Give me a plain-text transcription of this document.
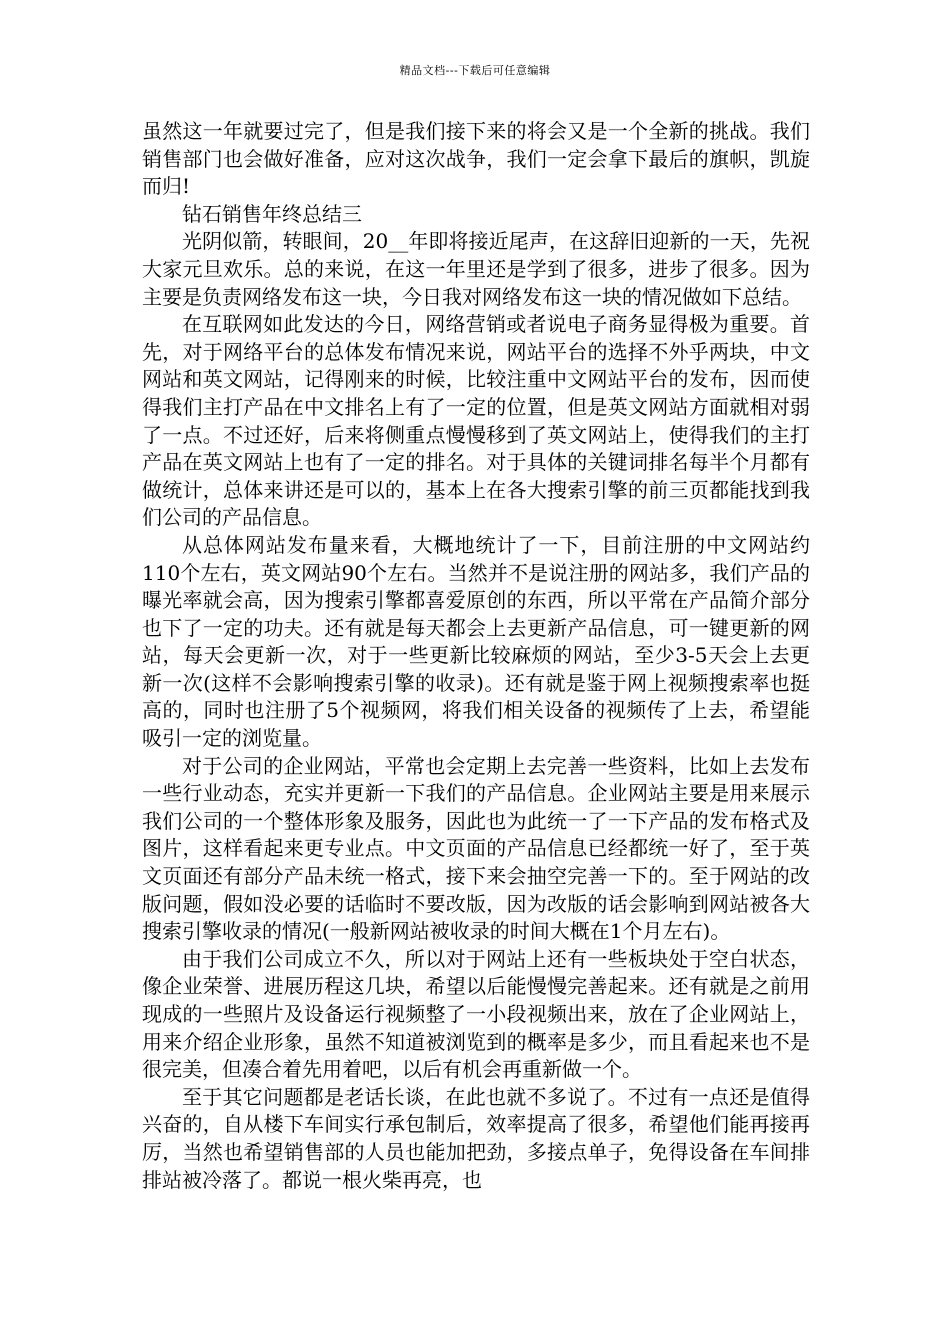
精品文档---下载后可任意编辑

虽然这一年就要过完了，但是我们接下来的将会又是一个全新的挑战。我们销售部门也会做好准备，应对这次战争，我们一定会拿下最后的旗帜，凯旋而归!

钻石销售年终总结三

光阴似箭，转眼间，20__年即将接近尾声，在这辞旧迎新的一天，先祝大家元旦欢乐。总的来说，在这一年里还是学到了很多，进步了很多。因为主要是负责网络发布这一块，今日我对网络发布这一块的情况做如下总结。

在互联网如此发达的今日，网络营销或者说电子商务显得极为重要。首先，对于网络平台的总体发布情况来说，网站平台的选择不外乎两块，中文网站和英文网站，记得刚来的时候，比较注重中文网站平台的发布，因而使得我们主打产品在中文排名上有了一定的位置，但是英文网站方面就相对弱了一点。不过还好，后来将侧重点慢慢移到了英文网站上，使得我们的主打产品在英文网站上也有了一定的排名。对于具体的关键词排名每半个月都有做统计，总体来讲还是可以的，基本上在各大搜索引擎的前三页都能找到我们公司的产品信息。

从总体网站发布量来看，大概地统计了一下，目前注册的中文网站约110个左右，英文网站90个左右。当然并不是说注册的网站多，我们产品的曝光率就会高，因为搜索引擎都喜爱原创的东西，所以平常在产品简介部分也下了一定的功夫。还有就是每天都会上去更新产品信息，可一键更新的网站，每天会更新一次，对于一些更新比较麻烦的网站，至少3-5天会上去更新一次(这样不会影响搜索引擎的收录)。还有就是鉴于网上视频搜索率也挺高的，同时也注册了5个视频网，将我们相关设备的视频传了上去，希望能吸引一定的浏览量。

对于公司的企业网站，平常也会定期上去完善一些资料，比如上去发布一些行业动态，充实并更新一下我们的产品信息。企业网站主要是用来展示我们公司的一个整体形象及服务，因此也为此统一了一下产品的发布格式及图片，这样看起来更专业点。中文页面的产品信息已经都统一好了，至于英文页面还有部分产品未统一格式，接下来会抽空完善一下的。至于网站的改版问题，假如没必要的话临时不要改版，因为改版的话会影响到网站被各大搜索引擎收录的情况(一般新网站被收录的时间大概在1个月左右)。

由于我们公司成立不久，所以对于网站上还有一些板块处于空白状态，像企业荣誉、进展历程这几块，希望以后能慢慢完善起来。还有就是之前用现成的一些照片及设备运行视频整了一小段视频出来，放在了企业网站上，用来介绍企业形象，虽然不知道被浏览到的概率是多少，而且看起来也不是很完美，但凑合着先用着吧，以后有机会再重新做一个。

至于其它问题都是老话长谈，在此也就不多说了。不过有一点还是值得兴奋的，自从楼下车间实行承包制后，效率提高了很多，希望他们能再接再厉，当然也希望销售部的人员也能加把劲，多接点单子，免得设备在车间排排站被冷落了。都说一根火柴再亮，也
